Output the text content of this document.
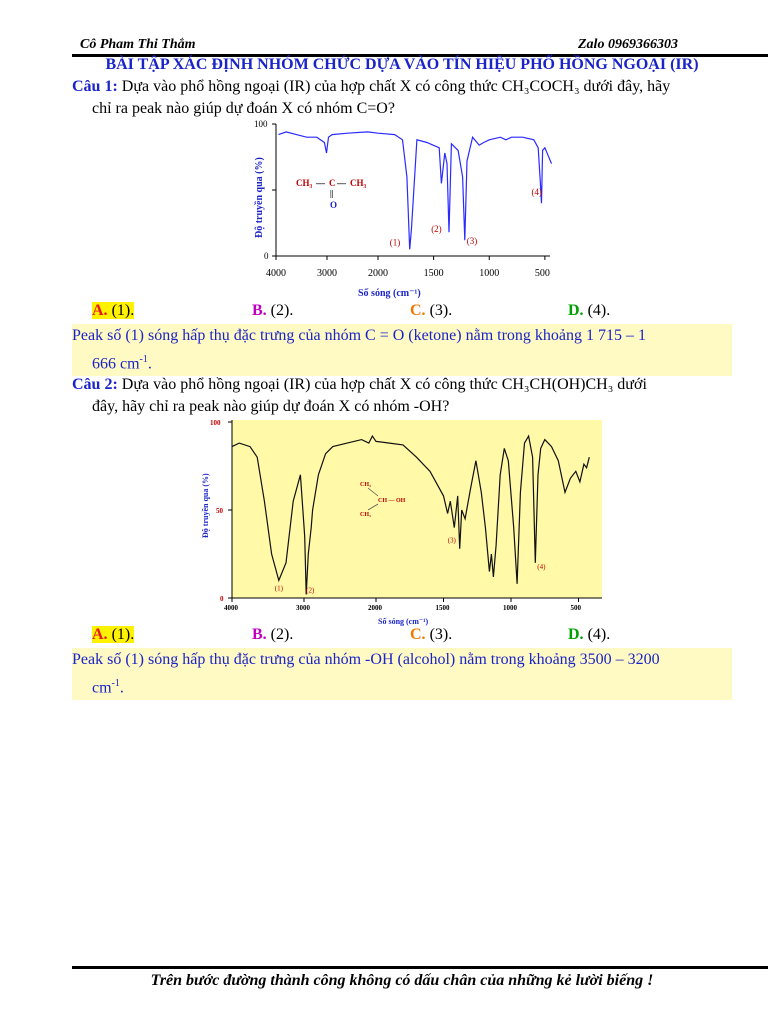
Cô Pham Thi Thắm	Zalo 0969366303
BÀI TẬP XÁC ĐỊNH NHÓM CHỨC DỰA VÀO TÍN HIỆU PHỔ HỒNG NGOẠI (IR)
Câu 1: Dựa vào phổ hồng ngoại (IR) của hợp chất X có công thức CH₃COCH₃ dưới đây, hãy
chỉ ra peak nào giúp dự đoán X có nhóm C=O?
Độ truyền qua (%)
Số sóng (cm⁻¹)
4000	3000	2000	1500	1000	500
100
0
CH₃ — C — CH₃
||
O
(1)
(2)
(3)
(4)
A. (1).	B. (2).	C. (3).	D. (4).
Peak số (1) sóng hấp thụ đặc trưng của nhóm C = O (ketone) nằm trong khoảng 1 715 – 1
666 $cm^{-1}$.
Câu 2: Dựa vào phổ hồng ngoại (IR) của hợp chất X có công thức CH₃CH(OH)CH₃ dưới
đây, hãy chỉ ra peak nào giúp dự đoán X có nhóm -OH?
Độ truyền qua (%)
Số sóng (cm⁻¹)
4000	3000	2000	1500	1000	500
100
50
0
CH₃
CH — OH
CH₃
(1)	(2)
(3)
(4)
A. (1).	B. (2).	C. (3).	D. (4).
Peak số (1) sóng hấp thụ đặc trưng của nhóm -OH (alcohol) nằm trong khoảng 3500 – 3200
$cm^{-1}$.
Trên bước đường thành công không có dấu chân của những kẻ lười biếng !
